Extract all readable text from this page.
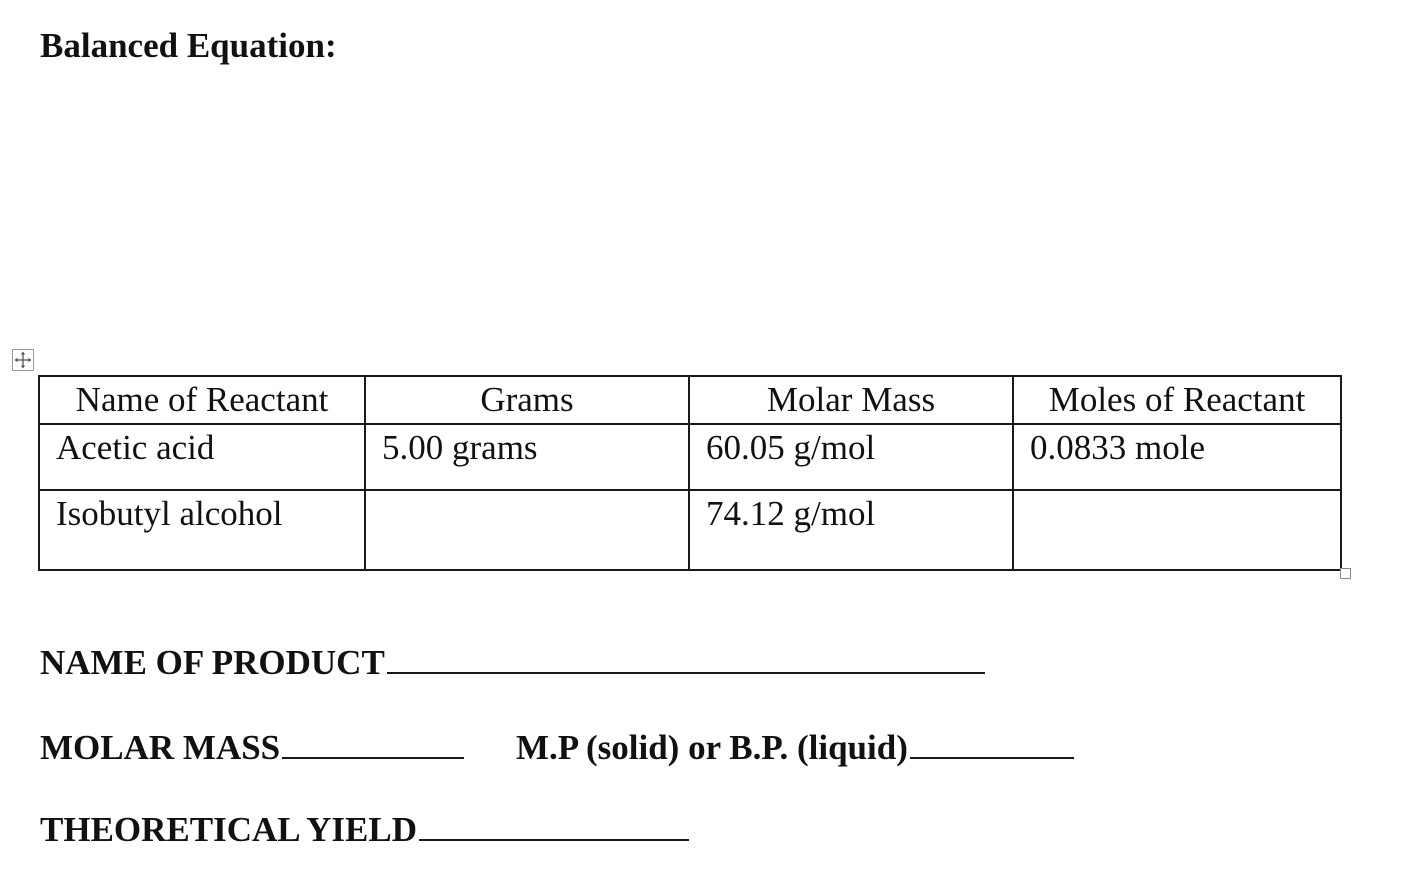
Balanced Equation:
Name of Reactant	Grams	Molar Mass	Moles of Reactant
Acetic acid	5.00 grams	60.05 g/mol	0.0833 mole
Isobutyl alcohol		74.12 g/mol	
NAME OF PRODUCT
MOLAR MASS	M.P (solid) or B.P. (liquid)
THEORETICAL YIELD
